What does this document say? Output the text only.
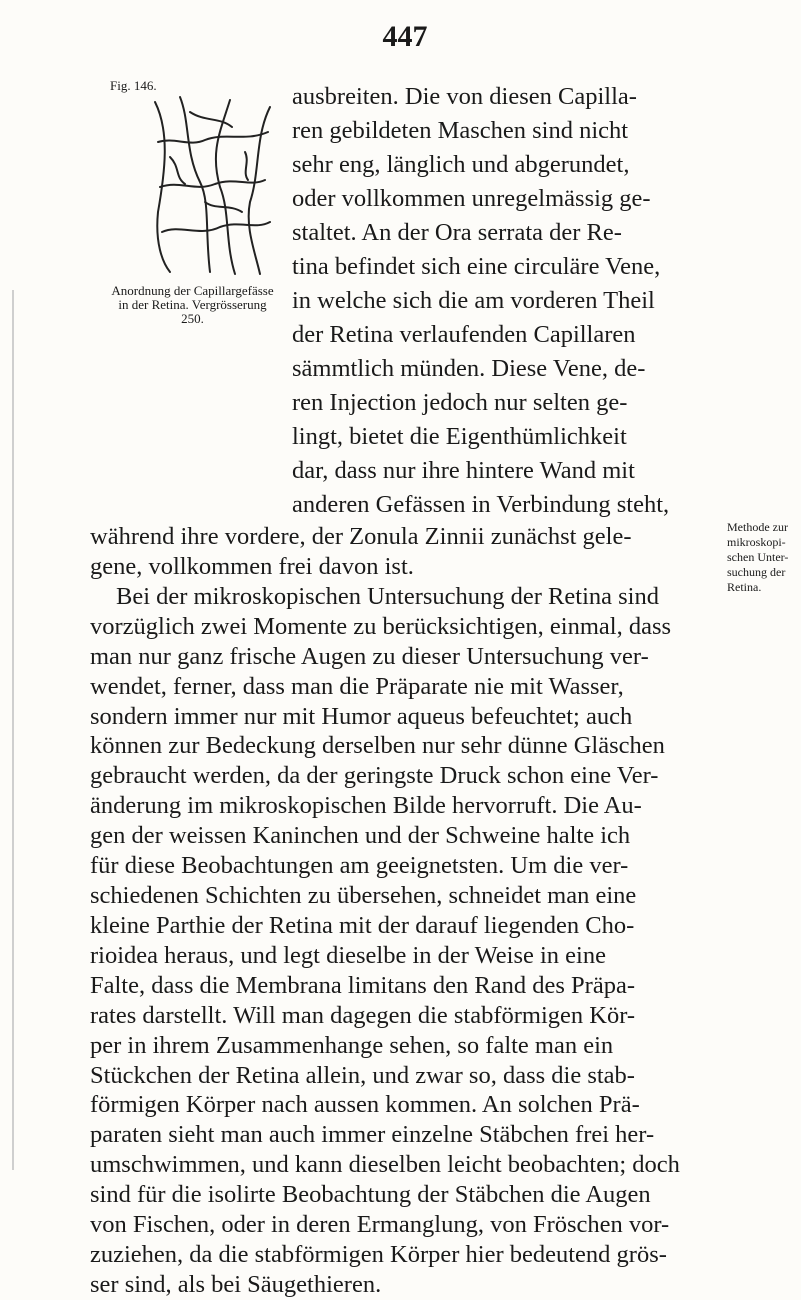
447
Fig. 146.
Anordnung der Capillargefässe
in der Retina. Vergrösserung
250.
ausbreiten. Die von diesen Capilla-
ren gebildeten Maschen sind nicht
sehr eng, länglich und abgerundet,
oder vollkommen unregelmässig ge-
staltet. An der Ora serrata der Re-
tina befindet sich eine circuläre Vene,
in welche sich die am vorderen Theil
der Retina verlaufenden Capillaren
sämmtlich münden. Diese Vene, de-
ren Injection jedoch nur selten ge-
lingt, bietet die Eigenthümlichkeit
dar, dass nur ihre hintere Wand mit
anderen Gefässen in Verbindung steht,
während ihre vordere, der Zonula Zinnii zunächst gele-
gene, vollkommen frei davon ist.
Bei der mikroskopischen Untersuchung der Retina sind
vorzüglich zwei Momente zu berücksichtigen, einmal, dass
man nur ganz frische Augen zu dieser Untersuchung ver-
wendet, ferner, dass man die Präparate nie mit Wasser,
sondern immer nur mit Humor aqueus befeuchtet; auch
können zur Bedeckung derselben nur sehr dünne Gläschen
gebraucht werden, da der geringste Druck schon eine Ver-
änderung im mikroskopischen Bilde hervorruft. Die Au-
gen der weissen Kaninchen und der Schweine halte ich
für diese Beobachtungen am geeignetsten. Um die ver-
schiedenen Schichten zu übersehen, schneidet man eine
kleine Parthie der Retina mit der darauf liegenden Cho-
rioidea heraus, und legt dieselbe in der Weise in eine
Falte, dass die Membrana limitans den Rand des Präpa-
rates darstellt. Will man dagegen die stabförmigen Kör-
per in ihrem Zusammenhange sehen, so falte man ein
Stückchen der Retina allein, und zwar so, dass die stab-
förmigen Körper nach aussen kommen. An solchen Prä-
paraten sieht man auch immer einzelne Stäbchen frei her-
umschwimmen, und kann dieselben leicht beobachten; doch
sind für die isolirte Beobachtung der Stäbchen die Augen
von Fischen, oder in deren Ermanglung, von Fröschen vor-
zuziehen, da die stabförmigen Körper hier bedeutend grös-
ser sind, als bei Säugethieren.
Methode zur
mikroskopi-
schen Unter-
suchung der
Retina.
